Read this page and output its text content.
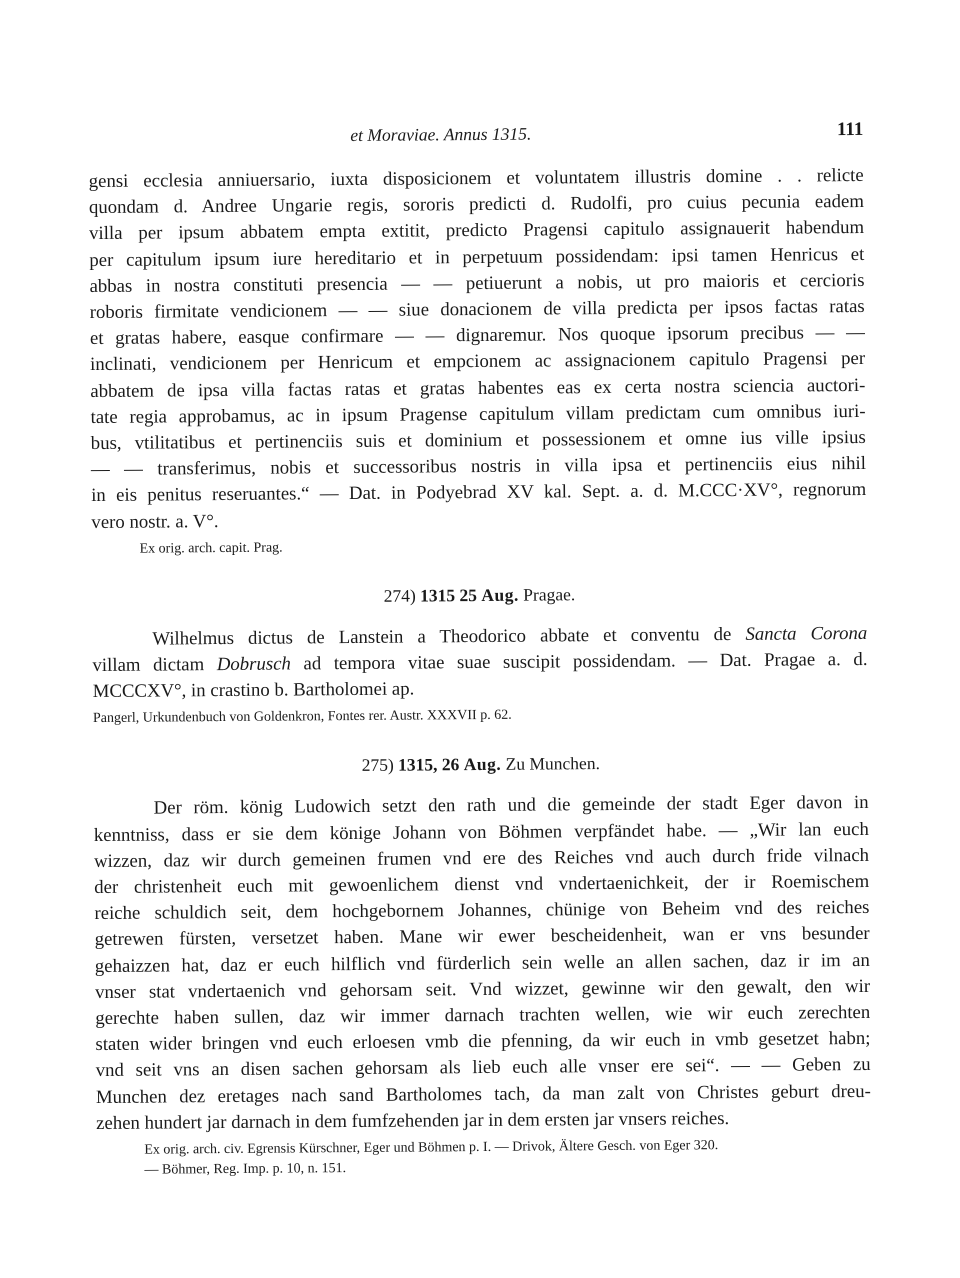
et Moraviae. Annus 1315.	111

gensi ecclesia anniuersario, iuxta disposicionem et voluntatem illustris domine . . relicte
quondam d. Andree Ungarie regis, sororis predicti d. Rudolfi, pro cuius pecunia eadem
villa per ipsum abbatem empta extitit, predicto Pragensi capitulo assignauerit habendum
per capitulum ipsum iure hereditario et in perpetuum possidendam: ipsi tamen Henricus et
abbas in nostra constituti presencia — — petiuerunt a nobis, ut pro maioris et cercioris
roboris firmitate vendicionem — — siue donacionem de villa predicta per ipsos factas ratas
et gratas habere, easque confirmare — — dignaremur. Nos quoque ipsorum precibus — —
inclinati, vendicionem per Henricum et empcionem ac assignacionem capitulo Pragensi per
abbatem de ipsa villa factas ratas et gratas habentes eas ex certa nostra sciencia auctori-
tate regia approbamus, ac in ipsum Pragense capitulum villam predictam cum omnibus iuri-
bus, vtilitatibus et pertinenciis suis et dominium et possessionem et omne ius ville ipsius
— — transferimus, nobis et successoribus nostris in villa ipsa et pertinenciis eius nihil
in eis penitus reseruantes.“ — Dat. in Podyebrad XV kal. Sept. a. d. M.CCC·XV°, regnorum
vero nostr. a. V°.

Ex orig. arch. capit. Prag.
274) 1315 25 Aug. Pragae.

Wilhelmus dictus de Lanstein a Theodorico abbate et conventu de Sancta Corona
villam dictam Dobrusch ad tempora vitae suae suscipit possidendam. — Dat. Pragae a. d.
MCCCXV°, in crastino b. Bartholomei ap.

Pangerl, Urkundenbuch von Goldenkron, Fontes rer. Austr. XXXVII p. 62.
275) 1315, 26 Aug. Zu Munchen.

Der röm. könig Ludowich setzt den rath und die gemeinde der stadt Eger davon in
kenntniss, dass er sie dem könige Johann von Böhmen verpfändet habe. — „Wir lan euch
wizzen, daz wir durch gemeinen frumen vnd ere des Reiches vnd auch durch fride vilnach
der christenheit euch mit gewoenlichem dienst vnd vndertaenichkeit, der ir Roemischem
reiche schuldich seit, dem hochgebornem Johannes, chünige von Beheim vnd des reiches
getrewen fürsten, versetzet haben. Mane wir ewer bescheidenheit, wan er vns besunder
gehaizzen hat, daz er euch hilflich vnd fürderlich sein welle an allen sachen, daz ir im an
vnser stat vndertaenich vnd gehorsam seit. Vnd wizzet, gewinne wir den gewalt, den wir
gerechte haben sullen, daz wir immer darnach trachten wellen, wie wir euch zerechten
staten wider bringen vnd euch erloesen vmb die pfenning, da wir euch in vmb gesetzet habn;
vnd seit vns an disen sachen gehorsam als lieb euch alle vnser ere sei“. — — Geben zu
Munchen dez eretages nach sand Bartholomes tach, da man zalt von Christes geburt dreu-
zehen hundert jar darnach in dem fumfzehenden jar in dem ersten jar vnsers reiches.

Ex orig. arch. civ. Egrensis Kürschner, Eger und Böhmen p. I. — Drivok, Ältere Gesch. von Eger 320.
— Böhmer, Reg. Imp. p. 10, n. 151.
